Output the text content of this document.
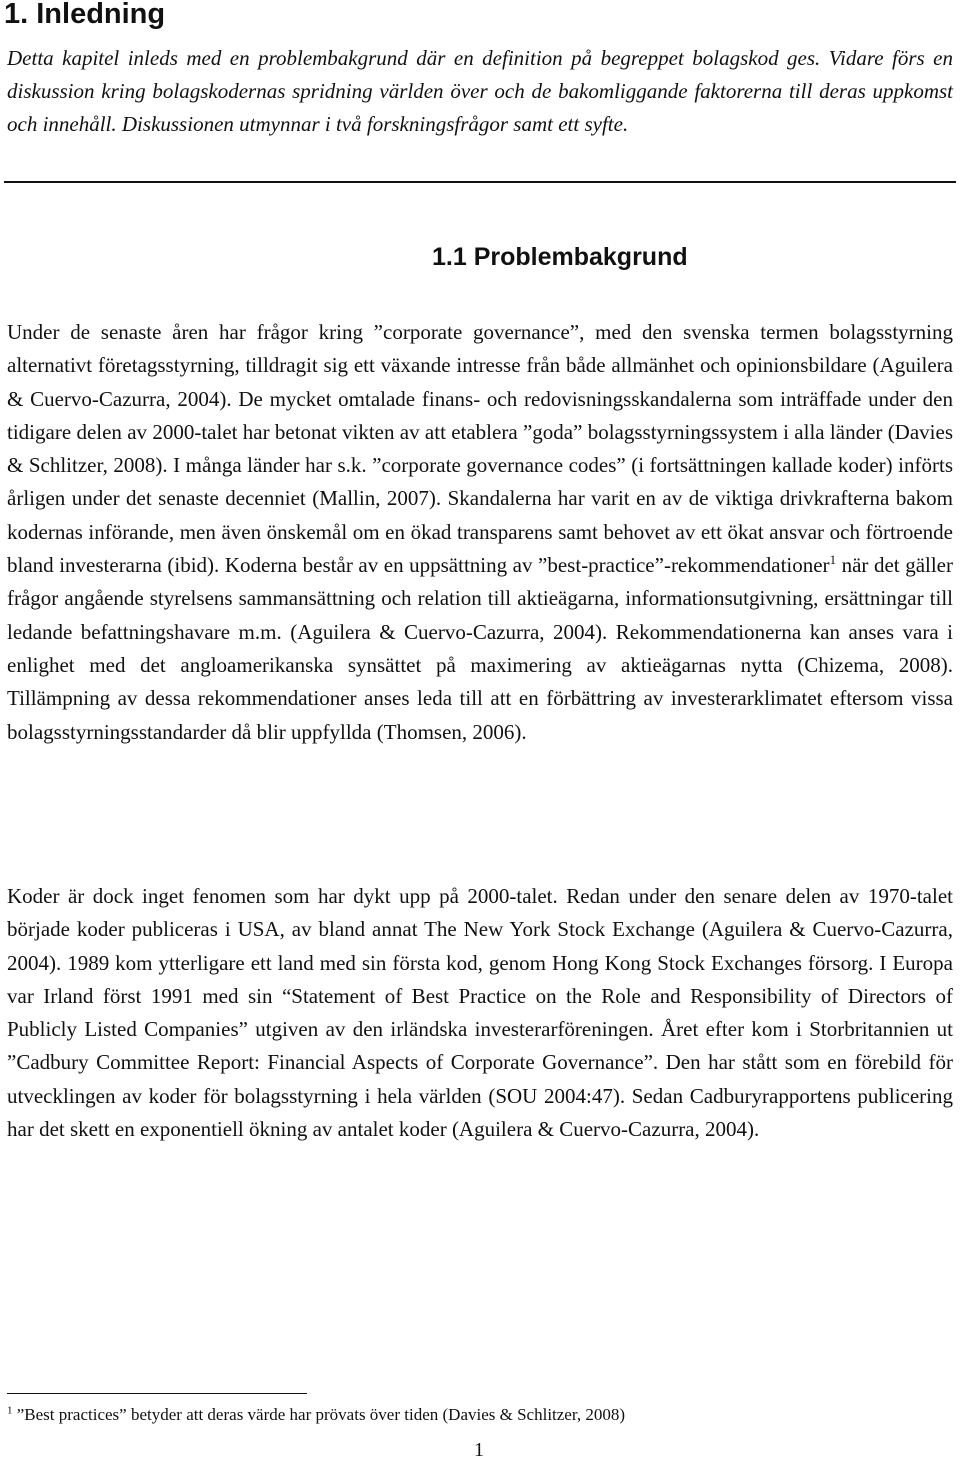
1. Inledning

Detta kapitel inleds med en problembakgrund där en definition på begreppet bolagskod ges. Vidare förs en diskussion kring bolagskodernas spridning världen över och de bakomliggande faktorerna till deras uppkomst och innehåll. Diskussionen utmynnar i två forskningsfrågor samt ett syfte.

1.1 Problembakgrund

Under de senaste åren har frågor kring ”corporate governance”, med den svenska termen bolagsstyrning alternativt företagsstyrning, tilldragit sig ett växande intresse från både allmänhet och opinionsbildare (Aguilera & Cuervo-Cazurra, 2004). De mycket omtalade finans- och redovisningsskandalerna som inträffade under den tidigare delen av 2000-talet har betonat vikten av att etablera ”goda” bolagsstyrningssystem i alla länder (Davies & Schlitzer, 2008). I många länder har s.k. ”corporate governance codes” (i fortsättningen kallade koder) införts årligen under det senaste decenniet (Mallin, 2007). Skandalerna har varit en av de viktiga drivkrafterna bakom kodernas införande, men även önskemål om en ökad transparens samt behovet av ett ökat ansvar och förtroende bland investerarna (ibid). Koderna består av en uppsättning av ”best-practice”-rekommendationer$^1$ när det gäller frågor angående styrelsens sammansättning och relation till aktieägarna, informationsutgivning, ersättningar till ledande befattningshavare m.m. (Aguilera & Cuervo-Cazurra, 2004). Rekommendationerna kan anses vara i enlighet med det angloamerikanska synsättet på maximering av aktieägarnas nytta (Chizema, 2008). Tillämpning av dessa rekommendationer anses leda till att en förbättring av investerarklimatet eftersom vissa bolagsstyrningsstandarder då blir uppfyllda (Thomsen, 2006).

Koder är dock inget fenomen som har dykt upp på 2000-talet. Redan under den senare delen av 1970-talet började koder publiceras i USA, av bland annat The New York Stock Exchange (Aguilera & Cuervo-Cazurra, 2004). 1989 kom ytterligare ett land med sin första kod, genom Hong Kong Stock Exchanges försorg. I Europa var Irland först 1991 med sin “Statement of Best Practice on the Role and Responsibility of Directors of Publicly Listed Companies” utgiven av den irländska investerarföreningen. Året efter kom i Storbritannien ut ”Cadbury Committee Report: Financial Aspects of Corporate Governance”. Den har stått som en förebild för utvecklingen av koder för bolagsstyrning i hela världen (SOU 2004:47). Sedan Cadburyrapportens publicering har det skett en exponentiell ökning av antalet koder (Aguilera & Cuervo-Cazurra, 2004).

$^1$ ”Best practices” betyder att deras värde har prövats över tiden (Davies & Schlitzer, 2008)

1
